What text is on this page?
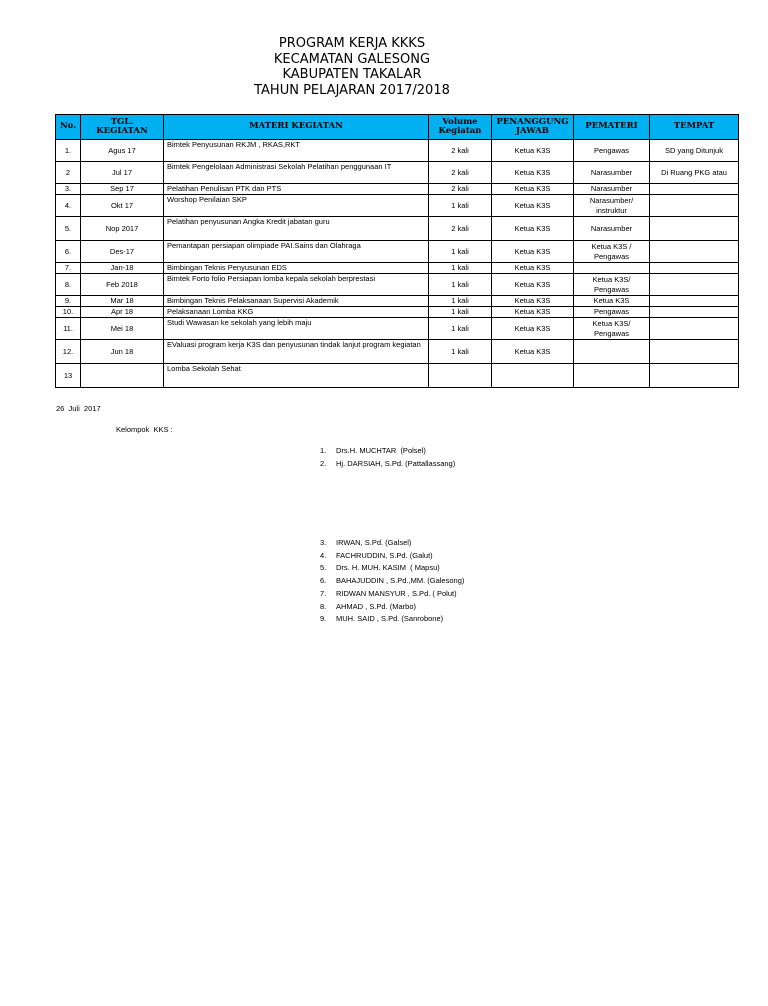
PROGRAM KERJA KKKS
KECAMATAN GALESONG
KABUPATEN TAKALAR
TAHUN PELAJARAN 2017/2018
No.	TGL. KEGIATAN	MATERI KEGIATAN	Volume Kegiatan	PENANGGUNG JAWAB	PEMATERI	TEMPAT
1.	Agus 17	Bimtek Penyusunan RKJM , RKAS,RKT	2 kali	Ketua K3S	Pengawas	SD yang Ditunjuk
2	Jul 17	Bimtek Pengelolaan Administrasi Sekolah Pelatihan penggunaan IT	2 kali	Ketua K3S	Narasumber	Di Ruang PKG atau
3.	Sep 17	Pelatihan Penulisan PTK dan PTS	2 kali	Ketua K3S	Narasumber	
4.	Okt 17	Worshop Penilaian SKP	1 kali	Ketua K3S	Narasumber/ instruktur	
5.	Nop 2017	Pelatihan penyusunan Angka Kredit jabatan guru	2 kali	Ketua K3S	Narasumber	
6.	Des-17	Pemantapan persiapan olimpiade PAI.Sains dan Olahraga	1 kali	Ketua K3S	Ketua K3S / Pengawas	
7.	Jan-18	Bimbingan Teknis Penyusunan EDS	1 kali	Ketua K3S		
8.	Feb 2018	Bimtek Forto folio Persiapan lomba kepala sekolah berprestasi	1 kali	Ketua K3S	Ketua K3S/ Pengawas	
9.	Mar 18	Bimbingan Teknis Pelaksanaan Supervisi Akademik	1 kali	Ketua K3S	Ketua K3S	
10.	Apr 18	Pelaksanaan Lomba KKG	1 kali	Ketua K3S	Pengawas	
11.	Mei 18	Studi Wawasan ke sekolah yang lebih maju	1 kali	Ketua K3S	Ketua K3S/ Pengawas	
12.	Jun 18	EValuasi program kerja K3S dan penyusunan tindak lanjut program kegiatan	1 kali	Ketua K3S		
13		Lomba Sekolah Sehat				
26  Juli  2017
Kelompok  KKS :
1. Drs.H. MUCHTAR  (Polsel)
2. Hj. DARSIAH, S.Pd. (Pattallassang)
3. IRWAN, S.Pd. (Galsel)
4. FACHRUDDIN, S.Pd. (Galut)
5. Drs. H. MUH. KASIM  ( Mapsu)
6. BAHAJUDDIN , S.Pd.,MM. (Galesong)
7. RIDWAN MANSYUR , S.Pd. ( Polut)
8. AHMAD , S.Pd. (Marbo)
9. MUH. SAID , S.Pd. (Sanrobone)
